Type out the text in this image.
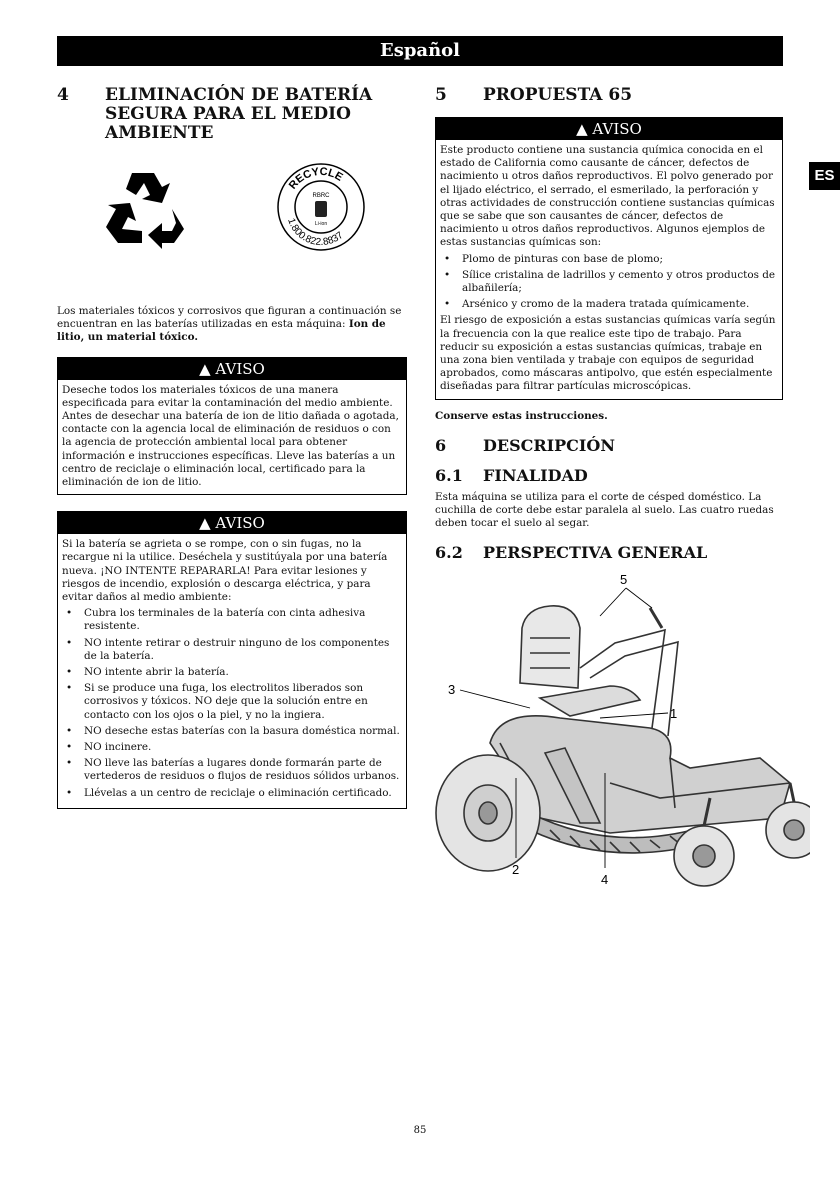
Español
ES
4	ELIMINACIÓN DE BATERÍA SEGURA PARA EL MEDIO AMBIENTE
RECYCLE
1.800.822.8837
RBRC
Li-ion

Los materiales tóxicos y corrosivos que figuran a continuación se encuentran en las baterías utilizadas en esta máquina: Ion de litio, un material tóxico.

▲ AVISO

Deseche todos los materiales tóxicos de una manera especificada para evitar la contaminación del medio ambiente. Antes de desechar una batería de ion de litio dañada o agotada, contacte con la agencia local de eliminación de residuos o con la agencia de protección ambiental local para obtener información e instrucciones específicas. Lleve las baterías a un centro de reciclaje o eliminación local, certificado para la eliminación de ion de litio.

▲ AVISO

Si la batería se agrieta o se rompe, con o sin fugas, no la recargue ni la utilice. Deséchela y sustitúyala por una batería nueva. ¡NO INTENTE REPARARLA! Para evitar lesiones y riesgos de incendio, explosión o descarga eléctrica, y para evitar daños al medio ambiente:

• Cubra los terminales de la batería con cinta adhesiva resistente.
• NO intente retirar o destruir ninguno de los componentes de la batería.
• NO intente abrir la batería.
• Si se produce una fuga, los electrolitos liberados son corrosivos y tóxicos. NO deje que la solución entre en contacto con los ojos o la piel, y no la ingiera.
• NO deseche estas baterías con la basura doméstica normal.
• NO incinere.
• NO lleve las baterías a lugares donde formarán parte de vertederos de residuos o flujos de residuos sólidos urbanos.
• Llévelas a un centro de reciclaje o eliminación certificado.
5	PROPUESTA 65
▲ AVISO

Este producto contiene una sustancia química conocida en el estado de California como causante de cáncer, defectos de nacimiento u otros daños reproductivos. El polvo generado por el lijado eléctrico, el serrado, el esmerilado, la perforación y otras actividades de construcción contiene sustancias químicas que se sabe que son causantes de cáncer, defectos de nacimiento u otros daños reproductivos. Algunos ejemplos de estas sustancias químicas son:

• Plomo de pinturas con base de plomo;
• Sílice cristalina de ladrillos y cemento y otros productos de albañilería;
• Arsénico y cromo de la madera tratada químicamente.

El riesgo de exposición a estas sustancias químicas varía según la frecuencia con la que realice este tipo de trabajo. Para reducir su exposición a estas sustancias químicas, trabaje en una zona bien ventilada y trabaje con equipos de seguridad aprobados, como máscaras antipolvo, que estén especialmente diseñadas para filtrar partículas microscópicas.

Conserve estas instrucciones.

6	DESCRIPCIÓN
6.1	FINALIDAD

Esta máquina se utiliza para el corte de césped doméstico. La cuchilla de corte debe estar paralela al suelo. Las cuatro ruedas deben tocar el suelo al segar.

6.2	PERSPECTIVA GENERAL
5
1
3
2
4
85
